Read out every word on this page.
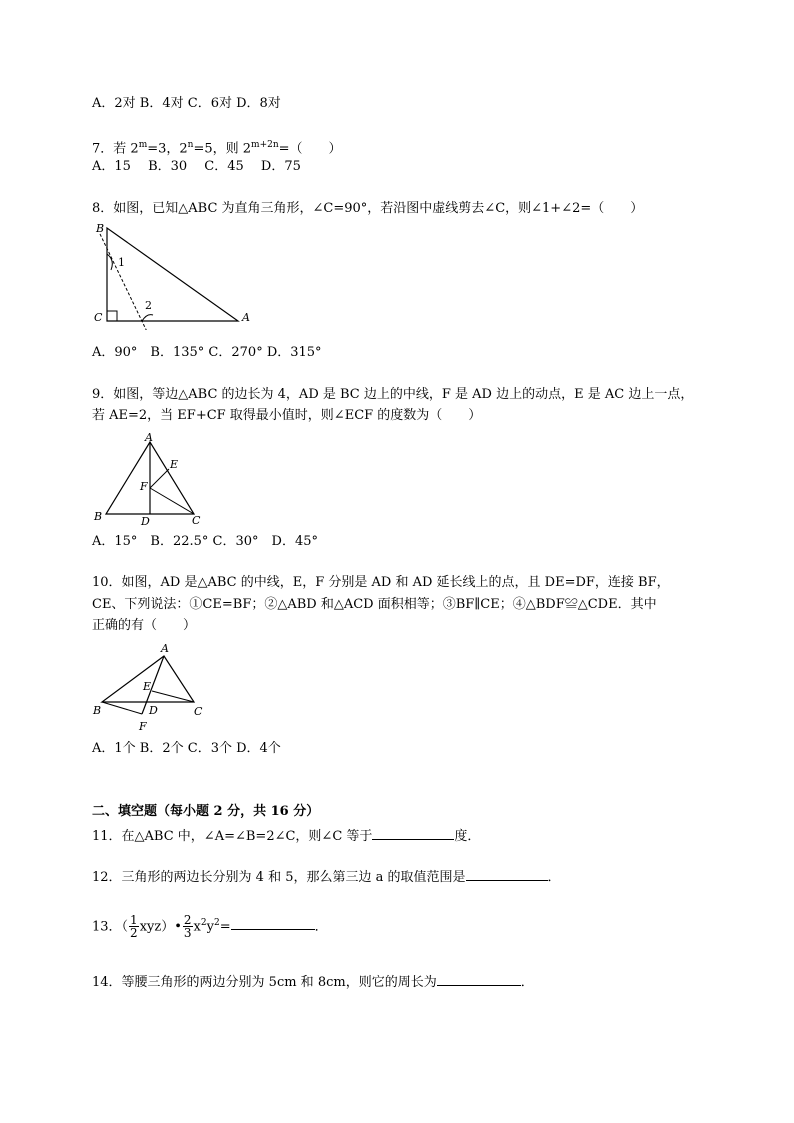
A．2对 B．4对 C．6对 D．8对
7．若 $2^m=3$，$2^n=5$，则 $2^{m+2n}=$（　　）
A．15　 B．30　 C．45　 D．75
8．如图，已知△ABC 为直角三角形，∠C=90°，若沿图中虚线剪去∠C，则∠1+∠2=（　　）
B
C	A
1
2
A．90°　B．135° C．270° D．315°
9．如图，等边△ABC 的边长为 4，AD 是 BC 边上的中线，F 是 AD 边上的动点，E 是 AC 边上一点，
若 AE=2，当 EF+CF 取得最小值时，则∠ECF 的度数为（　　）
A
E
F
B	D	C
A．15°　B．22.5° C．30°　D．45°
10．如图，AD 是△ABC 的中线，E，F 分别是 AD 和 AD 延长线上的点，且 DE=DF，连接 BF，
CE、下列说法：①CE=BF；②△ABD 和△ACD 面积相等；③BF∥CE；④△BDF≌△CDE．其中
正确的有（　　）
A
E
B	D	C
F
A．1个 B．2个 C．3个 D．4个
二、填空题（每小题 2 分，共 16 分）
11．在△ABC 中，∠A=∠B=2∠C，则∠C 等于	度．
12．三角形的两边长分别为 4 和 5，那么第三边 a 的取值范围是	．
13．（ $\frac{1}{2}$ xyz）• $\frac{2}{3} x^2y^2=$	．
14．等腰三角形的两边分别为 5cm 和 8cm，则它的周长为	．
